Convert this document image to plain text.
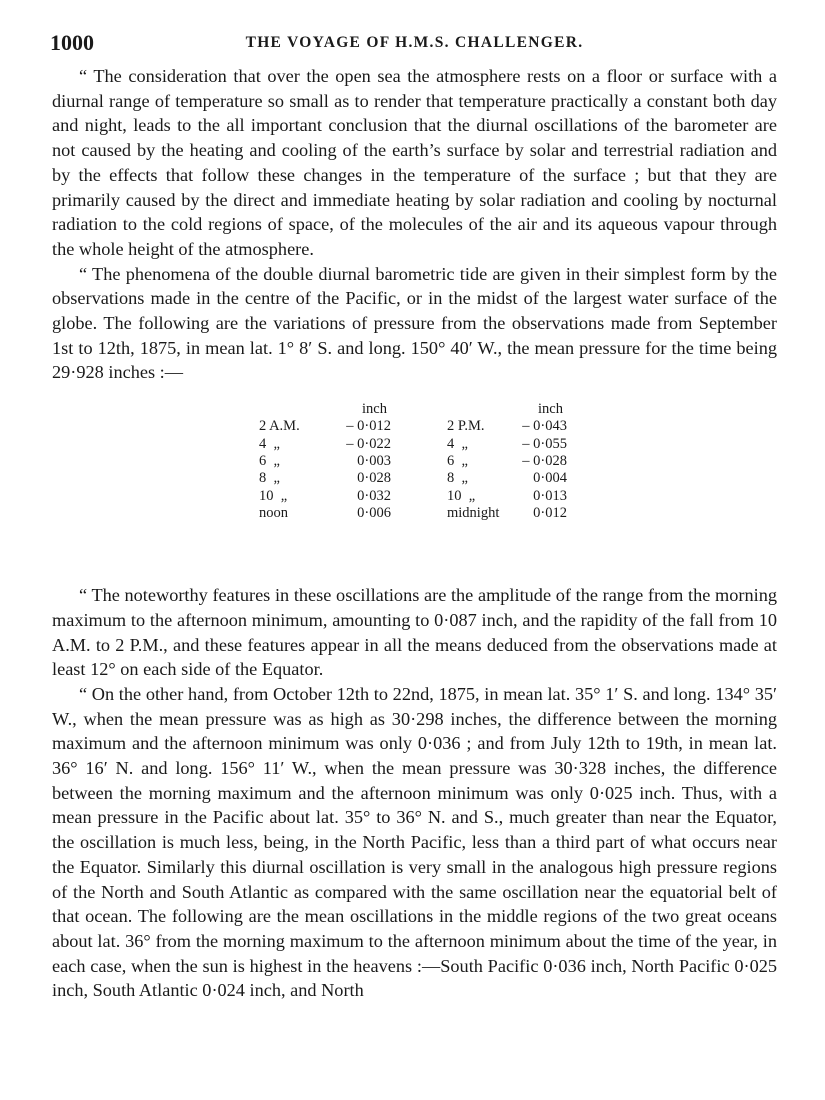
1000	THE VOYAGE OF H.M.S. CHALLENGER.

“ The consideration that over the open sea the atmosphere rests on a floor or surface with a diurnal range of temperature so small as to render that temperature practically a constant both day and night, leads to the all important conclusion that the diurnal oscillations of the barometer are not caused by the heating and cooling of the earth’s surface by solar and terrestrial radiation and by the effects that follow these changes in the temperature of the surface ; but that they are primarily caused by the direct and immediate heating by solar radiation and cooling by nocturnal radiation to the cold regions of space, of the molecules of the air and its aqueous vapour through the whole height of the atmosphere.

“ The phenomena of the double diurnal barometric tide are given in their simplest form by the observations made in the centre of the Pacific, or in the midst of the largest water surface of the globe. The following are the variations of pressure from the observations made from September 1st to 12th, 1875, in mean lat. 1° 8′ S. and long. 150° 40′ W., the mean pressure for the time being 29·928 inches :—

inch
2 A.M.	– 0·012
4  „	– 0·022
6  „	0·003
8  „	0·028
10  „	0·032
noon	0·006
inch
2 P.M.	– 0·043
4  „	– 0·055
6  „	– 0·028
8  „	0·004
10  „	0·013
midnight	0·012

“ The noteworthy features in these oscillations are the amplitude of the range from the morning maximum to the afternoon minimum, amounting to 0·087 inch, and the rapidity of the fall from 10 A.M. to 2 P.M., and these features appear in all the means deduced from the observations made at least 12° on each side of the Equator.

“ On the other hand, from October 12th to 22nd, 1875, in mean lat. 35° 1′ S. and long. 134° 35′ W., when the mean pressure was as high as 30·298 inches, the difference between the morning maximum and the afternoon minimum was only 0·036 ; and from July 12th to 19th, in mean lat. 36° 16′ N. and long. 156° 11′ W., when the mean pressure was 30·328 inches, the difference between the morning maximum and the afternoon minimum was only 0·025 inch. Thus, with a mean pressure in the Pacific about lat. 35° to 36° N. and S., much greater than near the Equator, the oscillation is much less, being, in the North Pacific, less than a third part of what occurs near the Equator. Similarly this diurnal oscillation is very small in the analogous high pressure regions of the North and South Atlantic as compared with the same oscillation near the equatorial belt of that ocean. The following are the mean oscillations in the middle regions of the two great oceans about lat. 36° from the morning maximum to the afternoon minimum about the time of the year, in each case, when the sun is highest in the heavens :—South Pacific 0·036 inch, North Pacific 0·025 inch, South Atlantic 0·024 inch, and North
